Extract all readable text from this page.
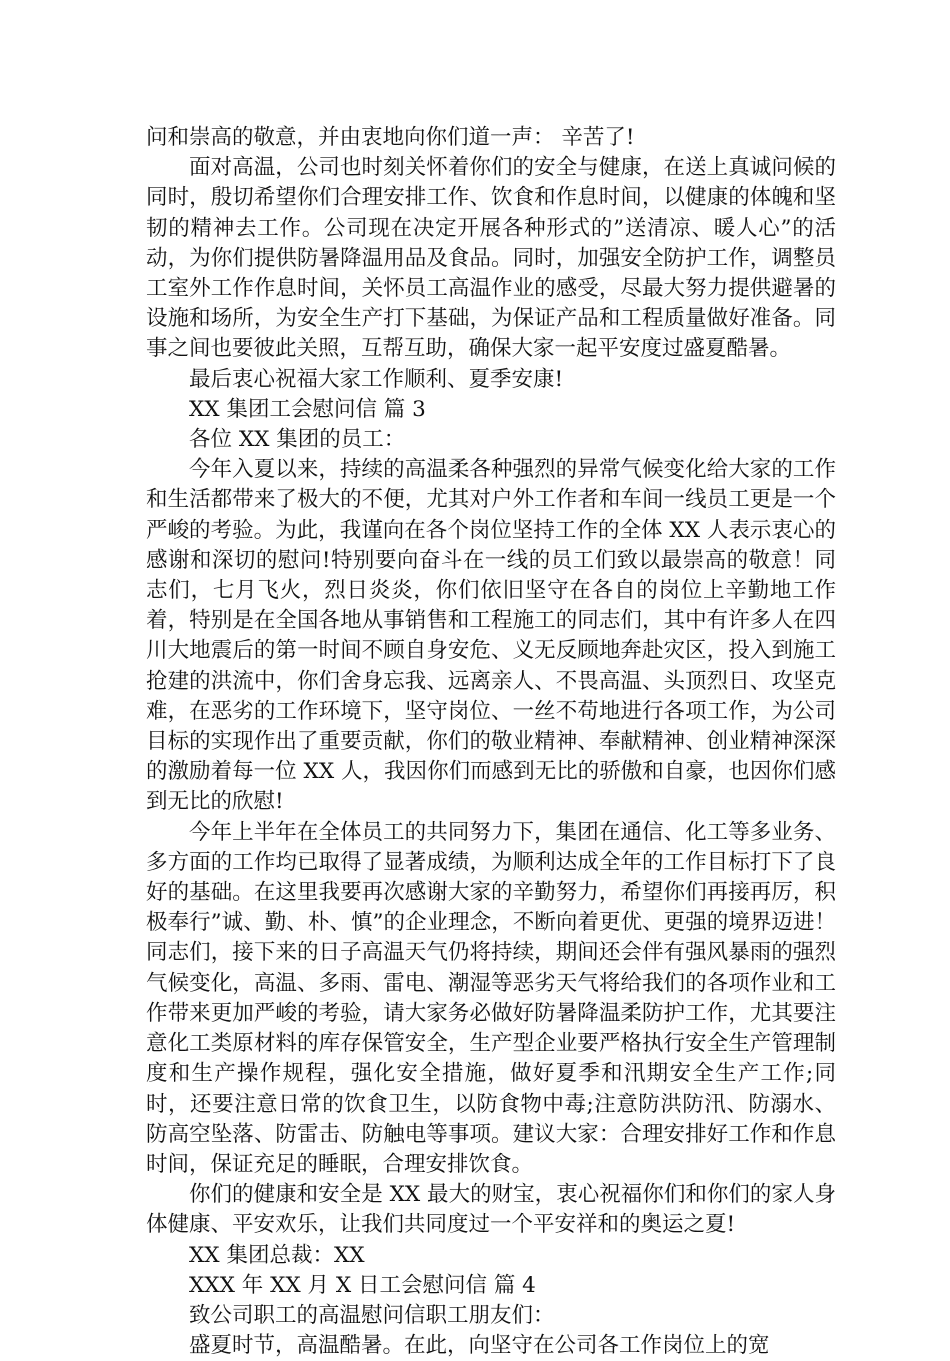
问和崇高的敬意，并由衷地向你们道一声： 辛苦了!

面对高温，公司也时刻关怀着你们的安全与健康，在送上真诚问候的同时，殷切希望你们合理安排工作、饮食和作息时间，以健康的体魄和坚韧的精神去工作。公司现在决定开展各种形式的”送清凉、暖人心”的活动，为你们提供防暑降温用品及食品。同时，加强安全防护工作，调整员工室外工作作息时间，关怀员工高温作业的感受，尽最大努力提供避暑的设施和场所，为安全生产打下基础，为保证产品和工程质量做好准备。同事之间也要彼此关照，互帮互助，确保大家一起平安度过盛夏酷暑。

最后衷心祝福大家工作顺利、夏季安康!

XX 集团工会慰问信 篇 3

各位 XX 集团的员工：

今年入夏以来，持续的高温柔各种强烈的异常气候变化给大家的工作和生活都带来了极大的不便，尤其对户外工作者和车间一线员工更是一个严峻的考验。为此，我谨向在各个岗位坚持工作的全体 XX 人表示衷心的感谢和深切的慰问!特别要向奋斗在一线的员工们致以最崇高的敬意！同志们，七月飞火，烈日炎炎，你们依旧坚守在各自的岗位上辛勤地工作着，特别是在全国各地从事销售和工程施工的同志们，其中有许多人在四川大地震后的第一时间不顾自身安危、义无反顾地奔赴灾区，投入到施工抢建的洪流中，你们舍身忘我、远离亲人、不畏高温、头顶烈日、攻坚克难，在恶劣的工作环境下，坚守岗位、一丝不苟地进行各项工作，为公司目标的实现作出了重要贡献，你们的敬业精神、奉献精神、创业精神深深的激励着每一位 XX 人，我因你们而感到无比的骄傲和自豪，也因你们感到无比的欣慰!

今年上半年在全体员工的共同努力下，集团在通信、化工等多业务、多方面的工作均已取得了显著成绩，为顺利达成全年的工作目标打下了良好的基础。在这里我要再次感谢大家的辛勤努力，希望你们再接再厉，积极奉行”诚、勤、朴、慎”的企业理念，不断向着更优、更强的境界迈进！同志们，接下来的日子高温天气仍将持续，期间还会伴有强风暴雨的强烈气候变化，高温、多雨、雷电、潮湿等恶劣天气将给我们的各项作业和工作带来更加严峻的考验，请大家务必做好防暑降温柔防护工作，尤其要注意化工类原材料的库存保管安全，生产型企业要严格执行安全生产管理制度和生产操作规程，强化安全措施，做好夏季和汛期安全生产工作;同时，还要注意日常的饮食卫生，以防食物中毒;注意防洪防汛、防溺水、防高空坠落、防雷击、防触电等事项。建议大家：合理安排好工作和作息时间，保证充足的睡眠，合理安排饮食。

你们的健康和安全是 XX 最大的财宝，衷心祝福你们和你们的家人身体健康、平安欢乐，让我们共同度过一个平安祥和的奥运之夏!

XX 集团总裁：XX

XXX 年 XX 月 X 日工会慰问信 篇 4

致公司职工的高温慰问信职工朋友们：

盛夏时节，高温酷暑。在此，向坚守在公司各工作岗位上的宽
